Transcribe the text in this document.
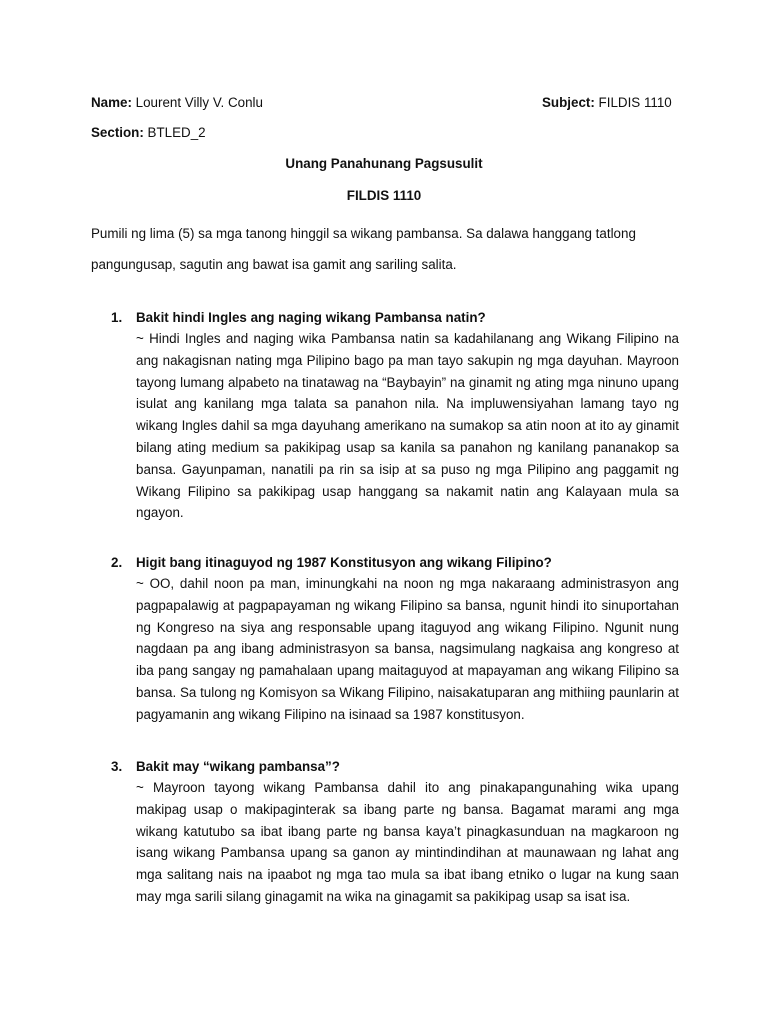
Name: Lourent Villy V. Conlu	Subject: FILDIS 1110
Section: BTLED_2
Unang Panahunang Pagsusulit
FILDIS 1110
Pumili ng lima (5) sa mga tanong hinggil sa wikang pambansa. Sa dalawa hanggang tatlong pangungusap, sagutin ang bawat isa gamit ang sariling salita.
1. Bakit hindi Ingles ang naging wikang Pambansa natin?
~ Hindi Ingles and naging wika Pambansa natin sa kadahilanang ang Wikang Filipino na ang nakagisnan nating mga Pilipino bago pa man tayo sakupin ng mga dayuhan. Mayroon tayong lumang alpabeto na tinatawag na “Baybayin” na ginamit ng ating mga ninuno upang isulat ang kanilang mga talata sa panahon nila. Na impluwensiyahan lamang tayo ng wikang Ingles dahil sa mga dayuhang amerikano na sumakop sa atin noon at ito ay ginamit bilang ating medium sa pakikipag usap sa kanila sa panahon ng kanilang pananakop sa bansa. Gayunpaman, nanatili pa rin sa isip at sa puso ng mga Pilipino ang paggamit ng Wikang Filipino sa pakikipag usap hanggang sa nakamit natin ang Kalayaan mula sa ngayon.
2. Higit bang itinaguyod ng 1987 Konstitusyon ang wikang Filipino?
~ OO, dahil noon pa man, iminungkahi na noon ng mga nakaraang administrasyon ang pagpapalawig at pagpapayaman ng wikang Filipino sa bansa, ngunit hindi ito sinuportahan ng Kongreso na siya ang responsable upang itaguyod ang wikang Filipino. Ngunit nung nagdaan pa ang ibang administrasyon sa bansa, nagsimulang nagkaisa ang kongreso at iba pang sangay ng pamahalaan upang maitaguyod at mapayaman ang wikang Filipino sa bansa. Sa tulong ng Komisyon sa Wikang Filipino, naisakatuparan ang mithiing paunlarin at pagyamanin ang wikang Filipino na isinaad sa 1987 konstitusyon.
3. Bakit may “wikang pambansa”?
~ Mayroon tayong wikang Pambansa dahil ito ang pinakapangunahing wika upang makipag usap o makipaginterak sa ibang parte ng bansa. Bagamat marami ang mga wikang katutubo sa ibat ibang parte ng bansa kaya’t pinagkasunduan na magkaroon ng isang wikang Pambansa upang sa ganon ay mintindindihan at maunawaan ng lahat ang mga salitang nais na ipaabot ng mga tao mula sa ibat ibang etniko o lugar na kung saan may mga sarili silang ginagamit na wika na ginagamit sa pakikipag usap sa isat isa.
